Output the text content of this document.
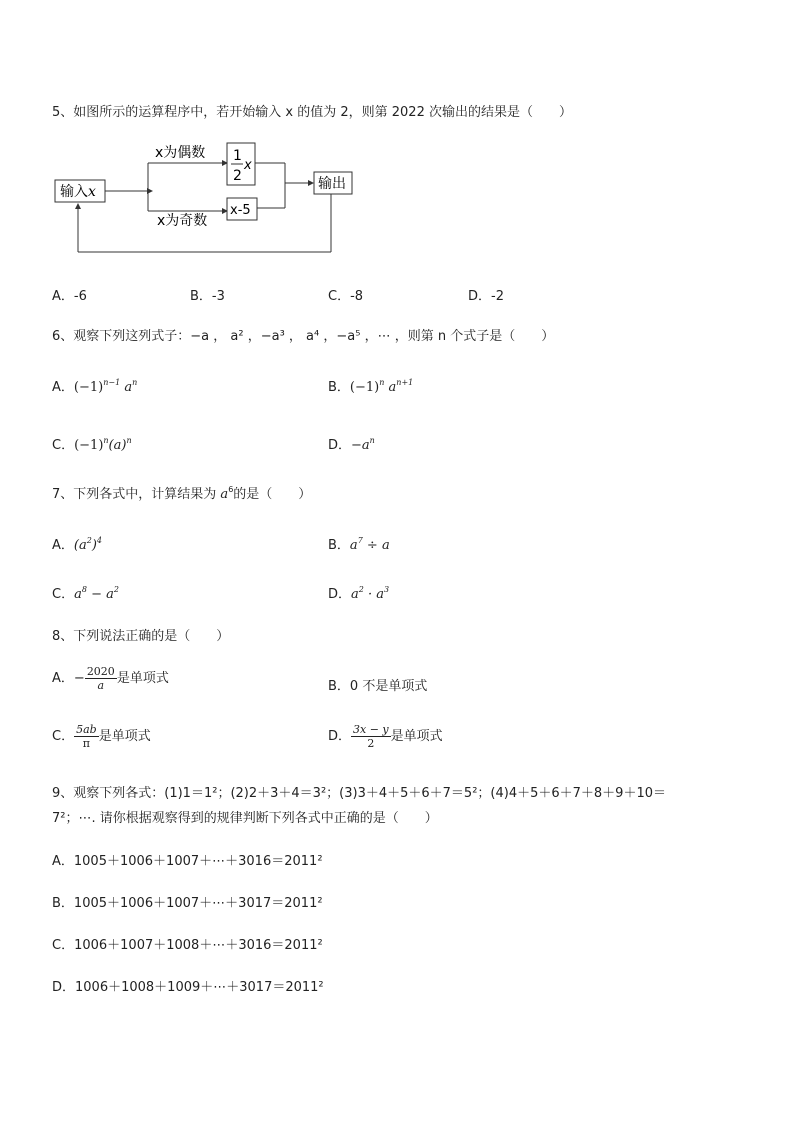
5、如图所示的运算程序中，若开始输入 x 的值为 2，则第 2022 次输出的结果是（　　）
输入x
x为偶数
x为奇数
1
2
x
x-5
输出
A．-6	B．-3	C．-8	D．-2
6、观察下列这列式子：−a ， a² ，−a³ ， a⁴ ，−a⁵ ，⋯ ，则第 n 个式子是（　　）
A．$(-1)^{n-1}$ $a^n$	B．$(-1)^n$ $a^{n+1}$
C．$(-1)^n(a)^n$	D．$-a^n$
7、下列各式中，计算结果为 $a^6$的是（　　）
A．$(a^2)^4$	B．$a^7 \div a$
C．$a^8 - a^2$	D．$a^2 \cdot a^3$
8、下列说法正确的是（　　）
A．− $\frac{2020}{a}$ 是单项式
B．0 不是单项式
C． $\frac{5ab}{\pi}$ 是单项式	D． $\frac{3x - y}{2}$ 是单项式
9、观察下列各式：(1)1＝1²；(2)2＋3＋4＝3²；(3)3＋4＋5＋6＋7＝5²；(4)4＋5＋6＋7＋8＋9＋10＝
7²；⋯. 请你根据观察得到的规律判断下列各式中正确的是（　　）
A．1005＋1006＋1007＋⋯＋3016＝2011²
B．1005＋1006＋1007＋⋯＋3017＝2011²
C．1006＋1007＋1008＋⋯＋3016＝2011²
D．1006＋1008＋1009＋⋯＋3017＝2011²
